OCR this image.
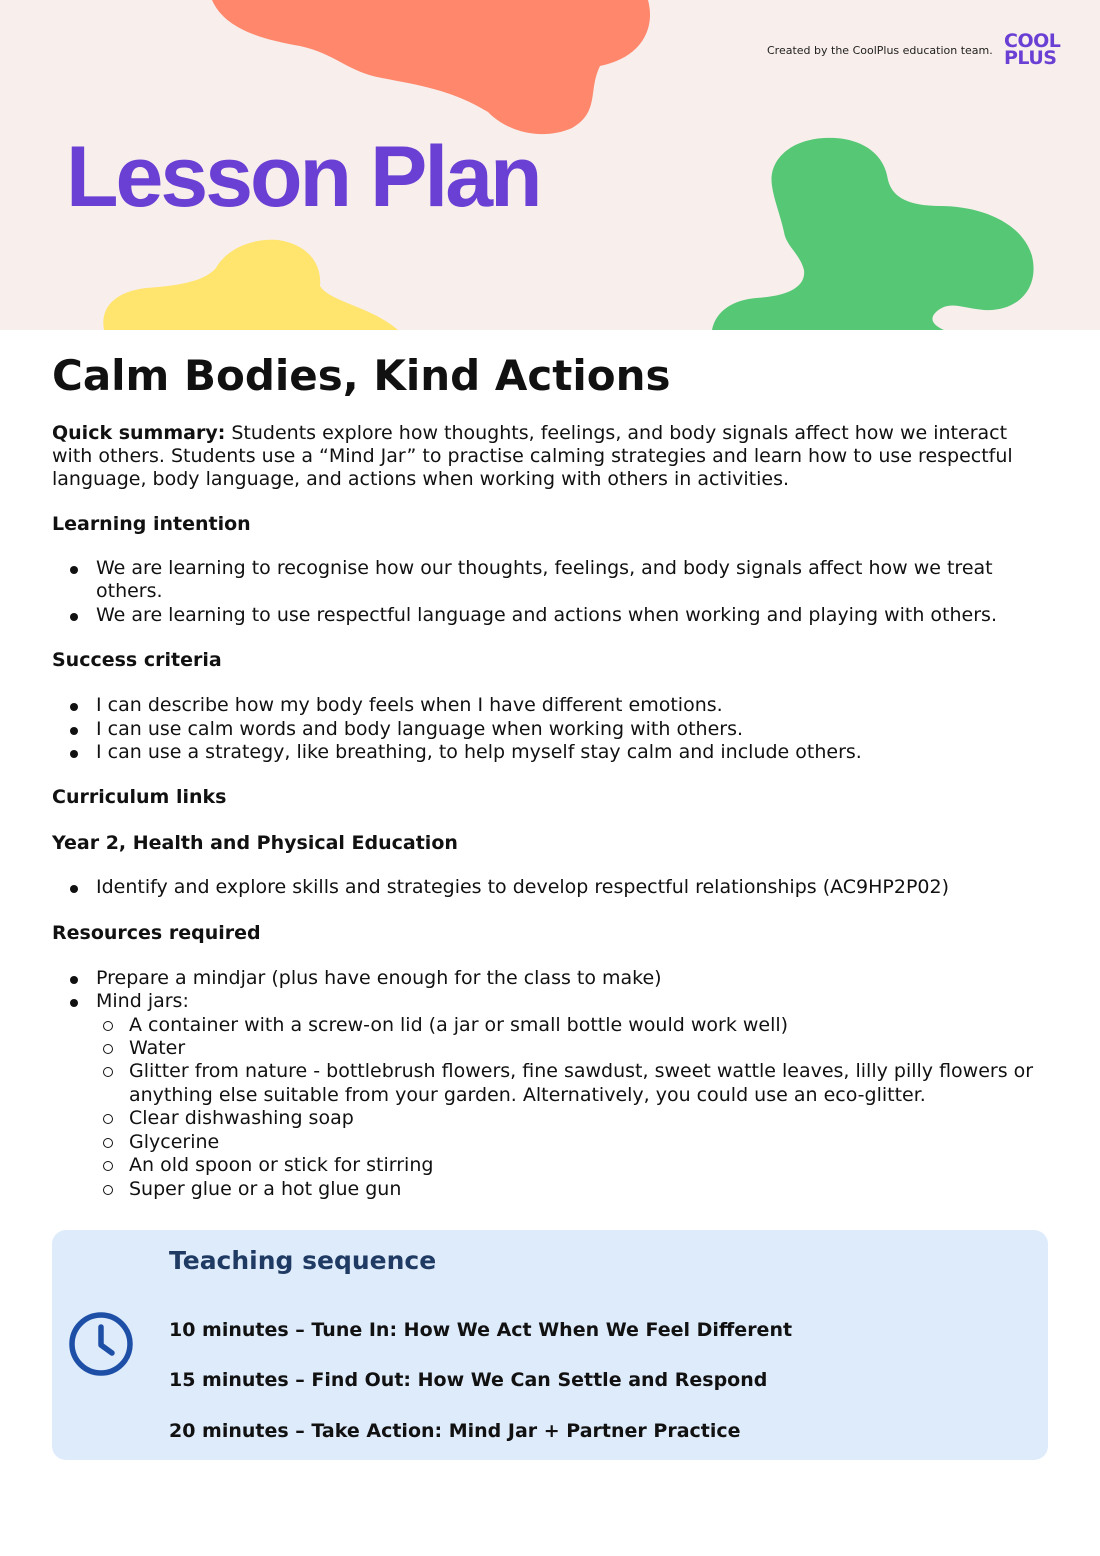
Created by the CoolPlus education team. COOL
PLUS
Lesson Plan
Calm Bodies, Kind Actions

Quick summary: Students explore how thoughts, feelings, and body signals affect how we interact with others. Students use a “Mind Jar” to practise calming strategies and learn how to use respectful language, body language, and actions when working with others in activities.

Learning intention
We are learning to recognise how our thoughts, feelings, and body signals affect how we treat others.
We are learning to use respectful language and actions when working and playing with others.
Success criteria
I can describe how my body feels when I have different emotions.
I can use calm words and body language when working with others.
I can use a strategy, like breathing, to help myself stay calm and include others.
Curriculum links
Year 2, Health and Physical Education
Identify and explore skills and strategies to develop respectful relationships (AC9HP2P02)
Resources required
Prepare a mindjar (plus have enough for the class to make)
Mind jars:
A container with a screw-on lid (a jar or small bottle would work well)
Water
Glitter from nature - bottlebrush flowers, fine sawdust, sweet wattle leaves, lilly pilly flowers or anything else suitable from your garden. Alternatively, you could use an eco-glitter.
Clear dishwashing soap
Glycerine
An old spoon or stick for stirring
Super glue or a hot glue gun
Teaching sequence
10 minutes – Tune In: How We Act When We Feel Different
15 minutes – Find Out: How We Can Settle and Respond
20 minutes – Take Action: Mind Jar + Partner Practice
